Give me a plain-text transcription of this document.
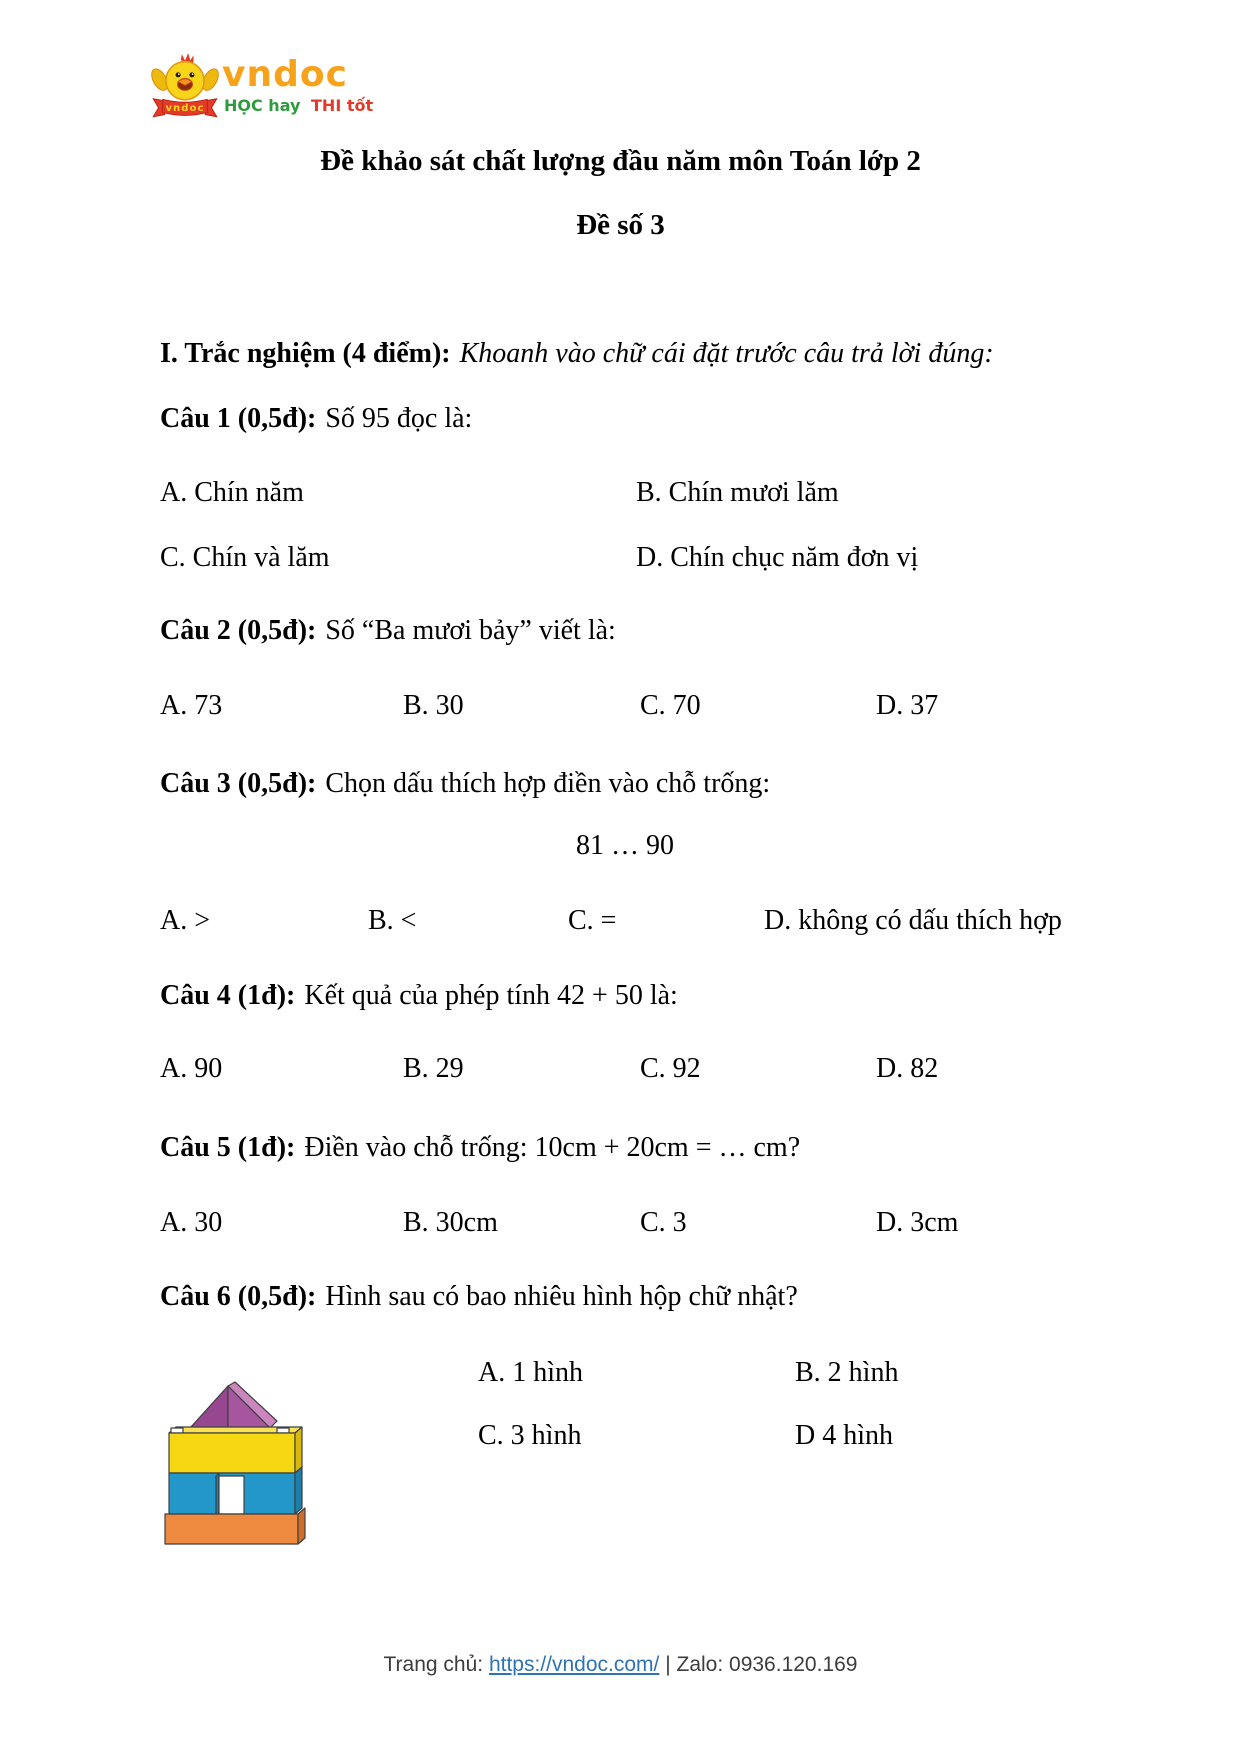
vndoc
vndoc
HỌC hay THI tốt
Đề khảo sát chất lượng đầu năm môn Toán lớp 2
Đề số 3
I. Trắc nghiệm (4 điểm): Khoanh vào chữ cái đặt trước câu trả lời đúng:
Câu 1 (0,5đ): Số 95 đọc là:
A. Chín năm	B. Chín mươi lăm
C. Chín và lăm	D. Chín chục năm đơn vị
Câu 2 (0,5đ): Số “Ba mươi bảy” viết là:
A. 73	B. 30	C. 70	D. 37
Câu 3 (0,5đ): Chọn dấu thích hợp điền vào chỗ trống:
81 … 90
A. >	B. <	C. =	D. không có dấu thích hợp
Câu 4 (1đ): Kết quả của phép tính 42 + 50 là:
A. 90	B. 29	C. 92	D. 82
Câu 5 (1đ): Điền vào chỗ trống: 10cm + 20cm = … cm?
A. 30	B. 30cm	C. 3	D. 3cm
Câu 6 (0,5đ): Hình sau có bao nhiêu hình hộp chữ nhật?
A. 1 hình	B. 2 hình
C. 3 hình	D 4 hình
Trang chủ: https://vndoc.com/ | Zalo: 0936.120.169
